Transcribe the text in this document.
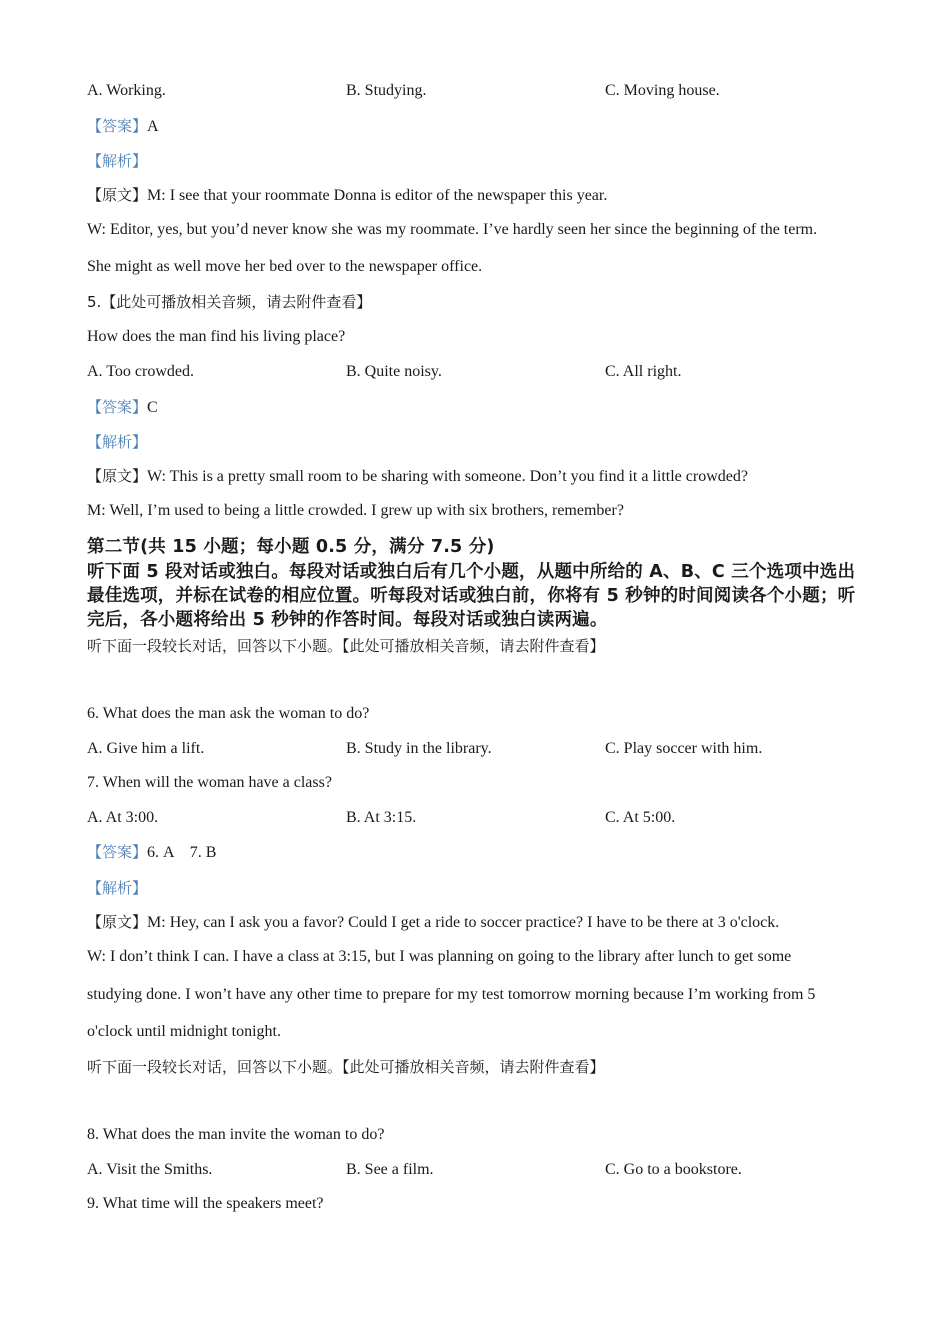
A. Working.	B. Studying.	C. Moving house.
【答案】A
【解析】
【原文】M: I see that your roommate Donna is editor of the newspaper this year.
W: Editor, yes, but you’d never know she was my roommate. I’ve hardly seen her since the beginning of the term.
She might as well move her bed over to the newspaper office.
5.【此处可播放相关音频，请去附件查看】
How does the man find his living place?
A. Too crowded.	B. Quite noisy.	C. All right.
【答案】C
【解析】
【原文】W: This is a pretty small room to be sharing with someone. Don’t you find it a little crowded?
M: Well, I’m used to being a little crowded. I grew up with six brothers, remember?
第二节(共 15 小题；每小题 0.5 分，满分 7.5 分)
听下面 5 段对话或独白。每段对话或独白后有几个小题，从题中所给的 A、B、C 三个选项中选出最佳选项，并标在试卷的相应位置。听每段对话或独白前，你将有 5 秒钟的时间阅读各个小题；听完后，各小题将给出 5 秒钟的作答时间。每段对话或独白读两遍。
听下面一段较长对话，回答以下小题。【此处可播放相关音频，请去附件查看】
6. What does the man ask the woman to do?
A. Give him a lift.	B. Study in the library.	C. Play soccer with him.
7. When will the woman have a class?
A. At 3:00.	B. At 3:15.	C. At 5:00.
【答案】6. A    7. B
【解析】
【原文】M: Hey, can I ask you a favor? Could I get a ride to soccer practice? I have to be there at 3 o'clock.
W: I don’t think I can. I have a class at 3:15, but I was planning on going to the library after lunch to get some
studying done. I won’t have any other time to prepare for my test tomorrow morning because I’m working from 5
o'clock until midnight tonight.
听下面一段较长对话，回答以下小题。【此处可播放相关音频，请去附件查看】
8. What does the man invite the woman to do?
A. Visit the Smiths.	B. See a film.	C. Go to a bookstore.
9. What time will the speakers meet?
